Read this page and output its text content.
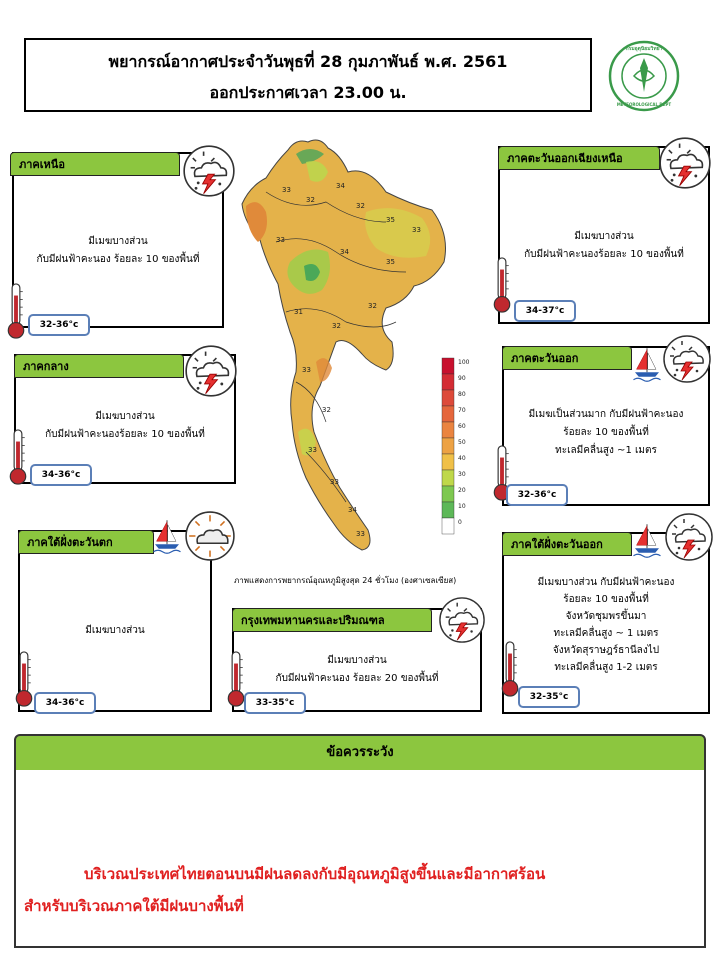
พยากรณ์อากาศประจำวันพุธที่ 28 กุมภาพันธ์ พ.ศ. 2561
ออกประกาศเวลา 23.00 น.
กรมอุตุนิยมวิทยา
METEOROLOGICAL DEPT
ภาคเหนือ
มีเมฆบางส่วน
กับมีฝนฟ้าคะนอง ร้อยละ 10 ของพื้นที่
32-36°c
ภาคตะวันออกเฉียงเหนือ
มีเมฆบางส่วน
กับมีฝนฟ้าคะนองร้อยละ 10 ของพื้นที่
34-37°c
ภาคกลาง
มีเมฆบางส่วน
กับมีฝนฟ้าคะนองร้อยละ 10 ของพื้นที่
34-36°c
ภาคตะวันออก
มีเมฆเป็นส่วนมาก กับมีฝนฟ้าคะนอง
ร้อยละ 10 ของพื้นที่
ทะเลมีคลื่นสูง ~1 เมตร
32-36°c
ภาคใต้ฝั่งตะวันตก
มีเมฆบางส่วน
34-36°c
กรุงเทพมหานครและปริมณฑล
มีเมฆบางส่วน
กับมีฝนฟ้าคะนอง ร้อยละ 20 ของพื้นที่
33-35°c
ภาคใต้ฝั่งตะวันออก
มีเมฆบางส่วน กับมีฝนฟ้าคะนอง
ร้อยละ 10 ของพื้นที่
จังหวัดชุมพรขึ้นมา
ทะเลมีคลื่นสูง ~ 1 เมตร
จังหวัดสุราษฎร์ธานีลงไป
ทะเลมีคลื่นสูง 1-2 เมตร
32-35°c
33
32
34
32
35
33
33
34
35
31
32
32
33
32
33
33
34
33
100
90
80
70
60
50
40
30
20
10
0
ภาพแสดงการพยากรณ์อุณหภูมิสูงสุด 24 ชั่วโมง (องศาเซลเซียส)
ข้อควรระวัง
บริเวณประเทศไทยตอนบนมีฝนลดลงกับมีอุณหภูมิสูงขึ้นและมีอากาศร้อน
สำหรับบริเวณภาคใต้มีฝนบางพื้นที่
